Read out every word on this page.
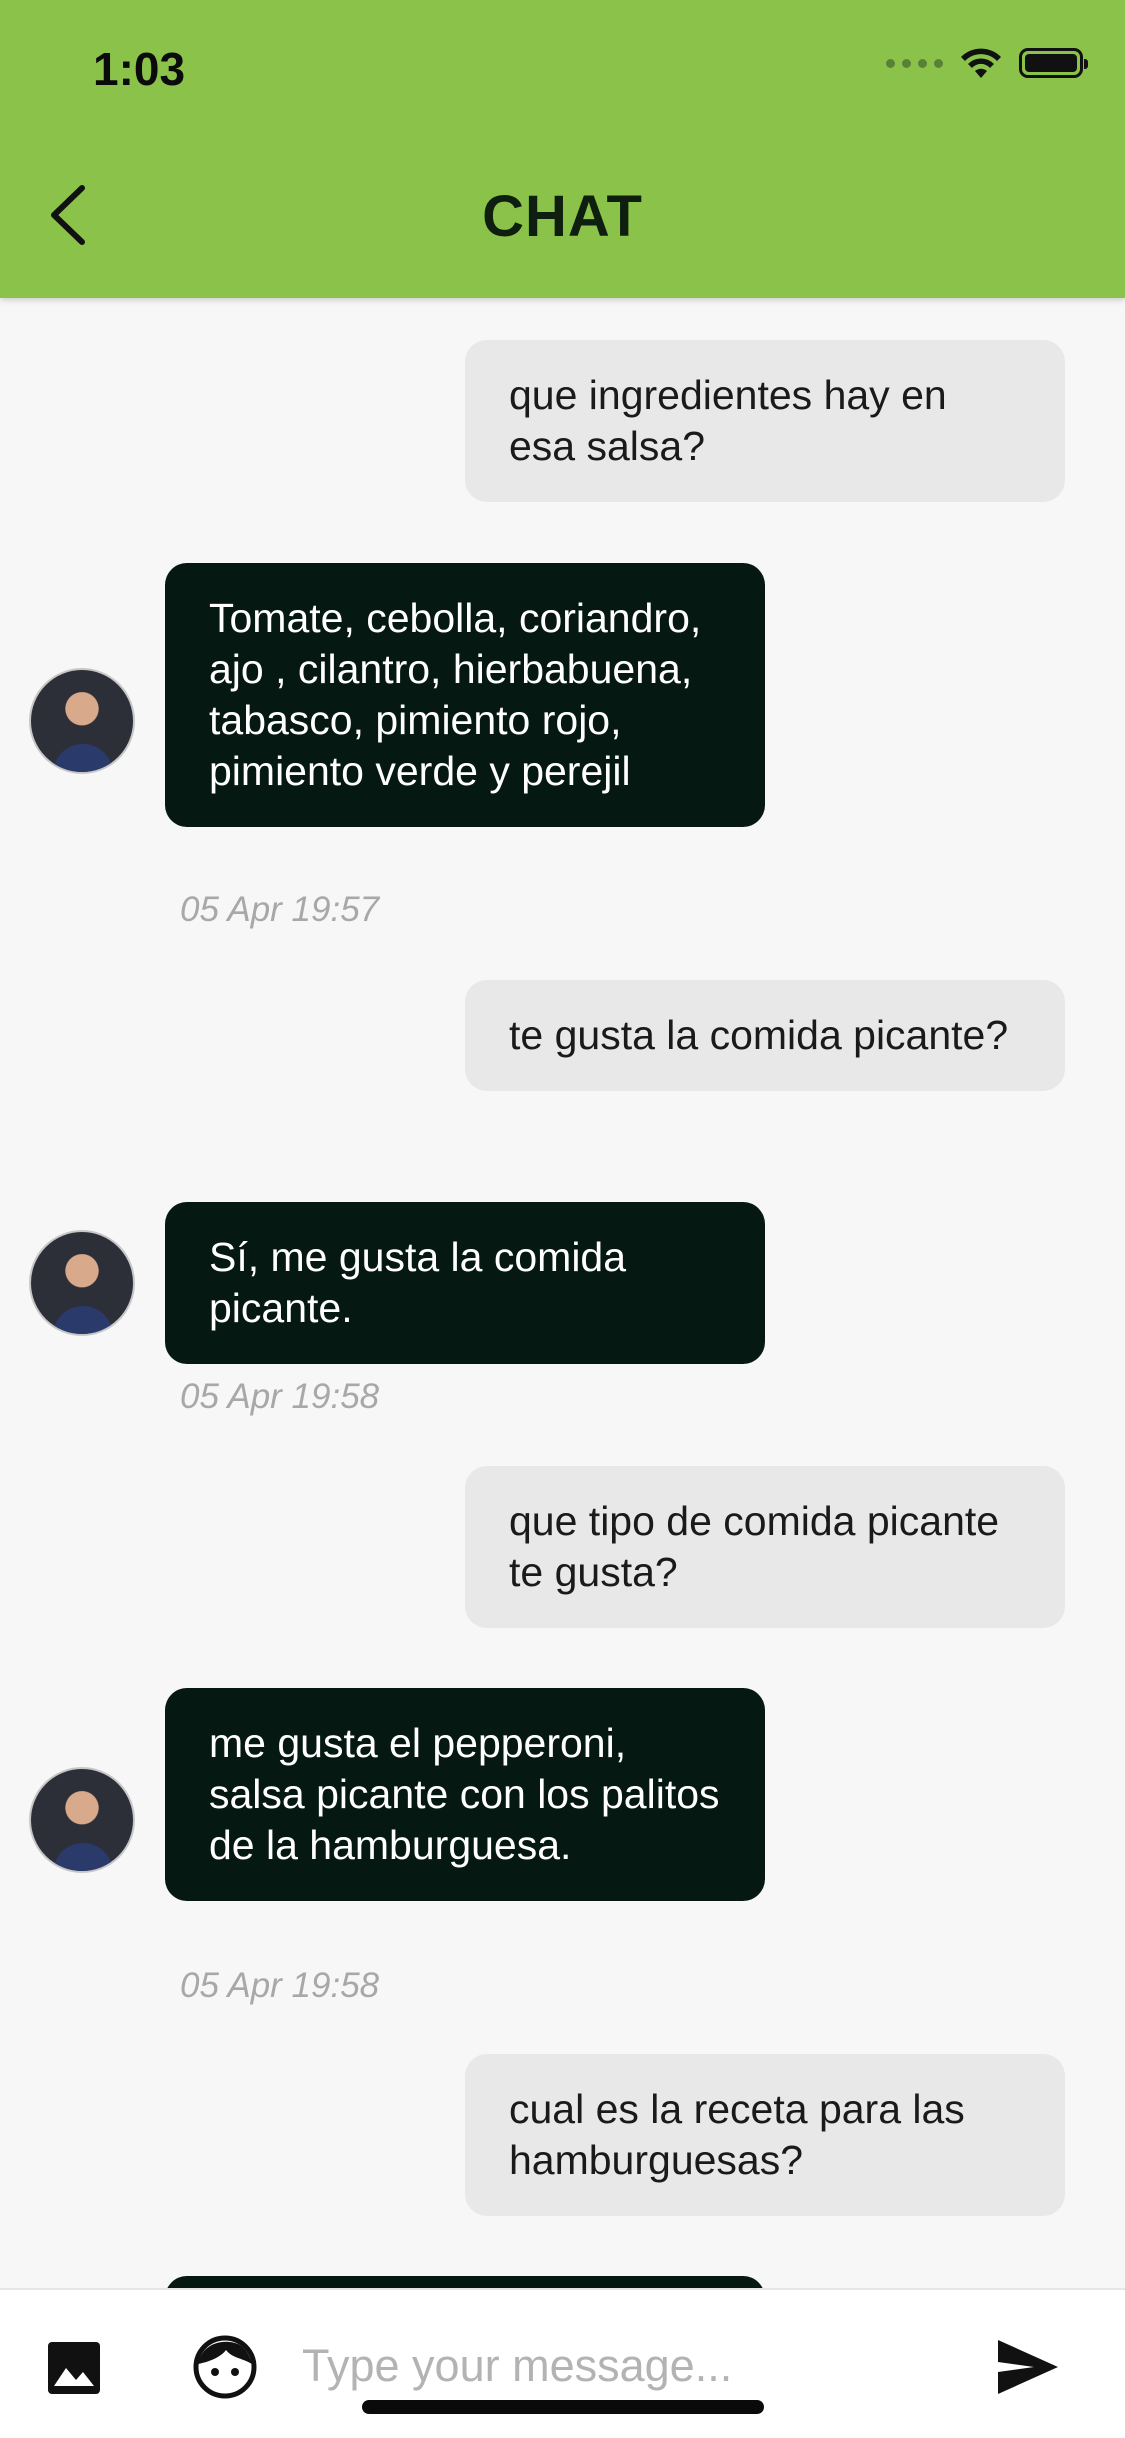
1:03
CHAT
que ingredientes hay en esa salsa?
Tomate, cebolla, coriandro, ajo , cilantro, hierbabuena, tabasco, pimiento rojo, pimiento verde y perejil
05 Apr 19:57
te gusta la comida picante?
Sí, me gusta la comida picante.
05 Apr 19:58
que tipo de comida picante te gusta?
me gusta el pepperoni, salsa picante con los palitos de la hamburguesa.
05 Apr 19:58
cual es la receta para las hamburguesas?
Type your message...
